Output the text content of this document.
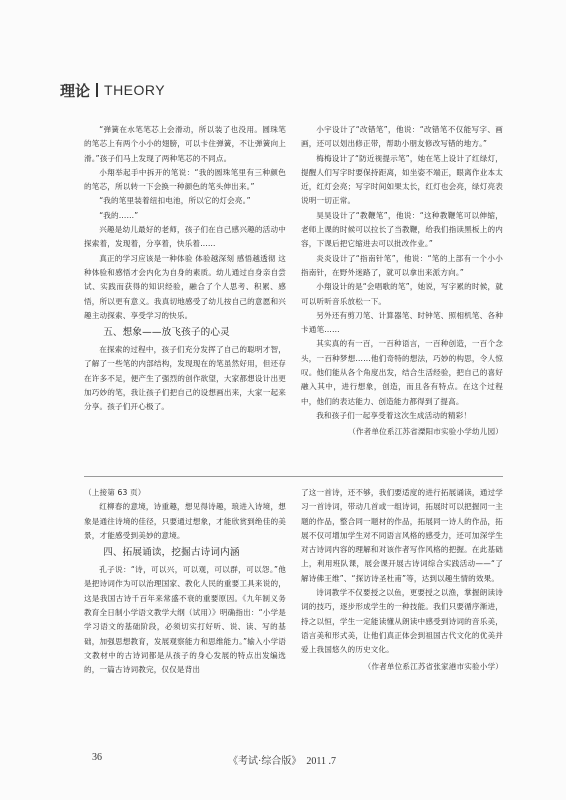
理论 THEORY

“弹簧在水笔笔芯上会滑动，所以装了也没用。圆珠笔的笔芯上有两个小小的翅膀，可以卡住弹簧，不让弹簧向上滑。”孩子们马上发现了两种笔芯的不同点。

小翔举起手中拆开的笔说：“我的圆珠笔里有三种颜色的笔芯，所以转一下会换一种颜色的笔头伸出来。”

“我的笔里装着纽扣电池，所以它的灯会亮。”

“我的……”

兴趣是幼儿最好的老师，孩子们在自己感兴趣的活动中探索着，发现着，分享着，快乐着……

真正的学习应该是一种体验 体验越深刻 感悟越透彻 这种体验和感悟才会内化为自身的素质。幼儿通过自身亲自尝试、实践而获得的知识经验，融合了个人思考、积累、感悟，所以更有意义。我真切地感受了幼儿按自己的意愿和兴趣主动探索、享受学习的快乐。

五、想象——放飞孩子的心灵

在探索的过程中，孩子们充分发挥了自己的聪明才智，了解了一些笔的内部结构，发现现在的笔虽然好用，但还存在许多不足，便产生了强烈的创作欲望，大家都想设计出更加巧妙的笔，我让孩子们把自己的设想画出来，大家一起来分享。孩子们开心极了。

小宇设计了“改错笔”，他说：“改错笔不仅能写字、画画，还可以划出修正带，帮助小朋友修改写错的地方。”

梅梅设计了“防近视提示笔”，她在笔上设计了红绿灯，提醒人们写字时要保持距离，如坐姿不端正，眼离作业本太近，红灯会亮；写字时间如果太长，红灯也会亮，绿灯亮表说明一切正常。

昊昊设计了“教鞭笔”，他说：“这种教鞭笔可以伸缩，老师上课的时候可以拉长了当教鞭，给我们指读黑板上的内容，下课后把它缩进去可以批改作业。”

炎炎设计了“指南针笔”，他说：“笔的上部有一个小小指南针，在野外迷路了，就可以拿出来派方向。”

小翔设计的是“会唱歌的笔”，她说，写字累的时候，就可以听听音乐放松一下。

另外还有剪刀笔、计算器笔、时钟笔、照相机笔、各种卡通笔……

其实真的有一百，一百种语言，一百种创造，一百个念头，一百种梦想……他们奇特的想法，巧妙的构思，令人惊叹。他们能从各个角度出发，结合生活经验，把自己的喜好融入其中，进行想象，创造，而且各有特点。在这个过程中，他们的表达能力、创造能力都得到了提高。

我和孩子们一起享受着这次生成活动的精彩！

（作者单位系江苏省溧阳市实验小学幼儿园）

（上接第 63 页）

红柳春的意境，诗重趣，想见得诗趣，琅进入诗境，想象是通往诗境的佳径，只要通过想象，才能欣赏到绝佳的美景，才能感受到美妙的意境。

四、拓展诵读，挖掘古诗词内涵

孔子说：“诗，可以兴，可以观，可以群，可以怨。”他是把诗词作为可以治理国家、教化人民的重要工具来说的，这是我国古诗千百年来常盛不衰的重要原因。《九年制义务教育全日制小学语文教学大纲（试用）》明确指出：“小学是学习语文的基础阶段，必须切实打好听、说、读、写的基础，加强思想教育，发展观察能力和思维能力。”输入小学语文教材中的古诗词都是从孩子的身心发展的特点出发编选的，一篇古诗词教完，仅仅是背出

了这一首诗，还不够，我们要适度的进行拓展诵读，通过学习一首诗词，带动几首或一组诗词，拓展时可以把握同一主题的作品，整合同一题材的作品，拓展同一诗人的作品，拓展不仅可增加学生对不同语言风格的感受力，还可加深学生对古诗词内容的理解和对该作者写作风格的把握。在此基础上，利用班队课，展会课开展古诗词综合实践活动——“了解诗佛王维”、“探访诗圣杜甫”等，达到以趣生情的效果。

诗词教学不仅要授之以鱼，更要授之以渔，掌握朗读诗词的技巧，逐步形成学生的一种技能。我们只要循序渐进，持之以恒，学生一定能读懂从朗读中感受到诗词的音乐美，语言美和形式美，让他们真正体会到祖国古代文化的优美并爱上我国悠久的历史文化。

（作者单位系江苏省张家港市实验小学）

36	《考试·综合版》　2011 .7
